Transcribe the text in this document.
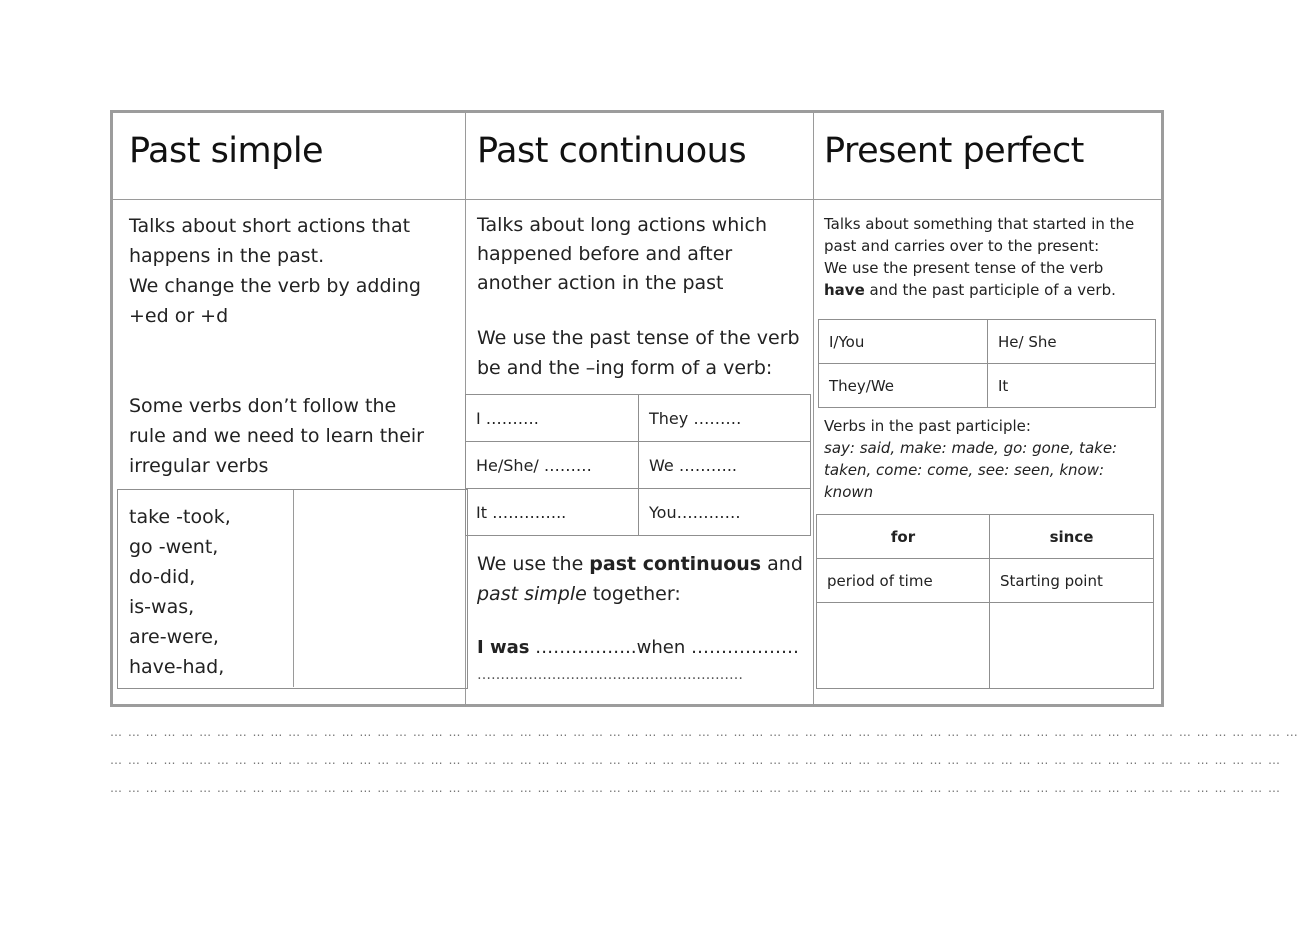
Past simple
Talks about short actions that
happens in the past.
We change the verb by adding
+ed or +d
Some verbs don’t follow the
rule and we need to learn their
irregular verbs
take -took,
go -went,
do-did,
is-was,
are-were,
have-had,
Past continuous
Talks about long actions which
happened before and after
another action in the past
We use the past tense of the verb
be and the –ing form of a verb:
I ……….	They ………
He/She/ ………	We ………..
It …………..	You…………
We use the past continuous and
past simple together:
I was ……………..when ………………
…………………………………………………
Present perfect
Talks about something that started in the
past and carries over to the present:
We use the present tense of the verb
have and the past participle of a verb.
I/You	He/ She
They/We	It
Verbs in the past participle:
say: said, make: made, go: gone, take:
taken, come: come, see: seen, know:
known
for	since
period of time	Starting point

… … … … … … … … … … … … … … … … … … … … … … … … … … … … … … … … … … … … … … … … … … … … … … … … … … … … … … … … … … … … … … … … … … …
… … … … … … … … … … … … … … … … … … … … … … … … … … … … … … … … … … … … … … … … … … … … … … … … … … … … … … … … … … … … … … … … … …
… … … … … … … … … … … … … … … … … … … … … … … … … … … … … … … … … … … … … … … … … … … … … … … … … … … … … … … … … … … … … … … … … …
